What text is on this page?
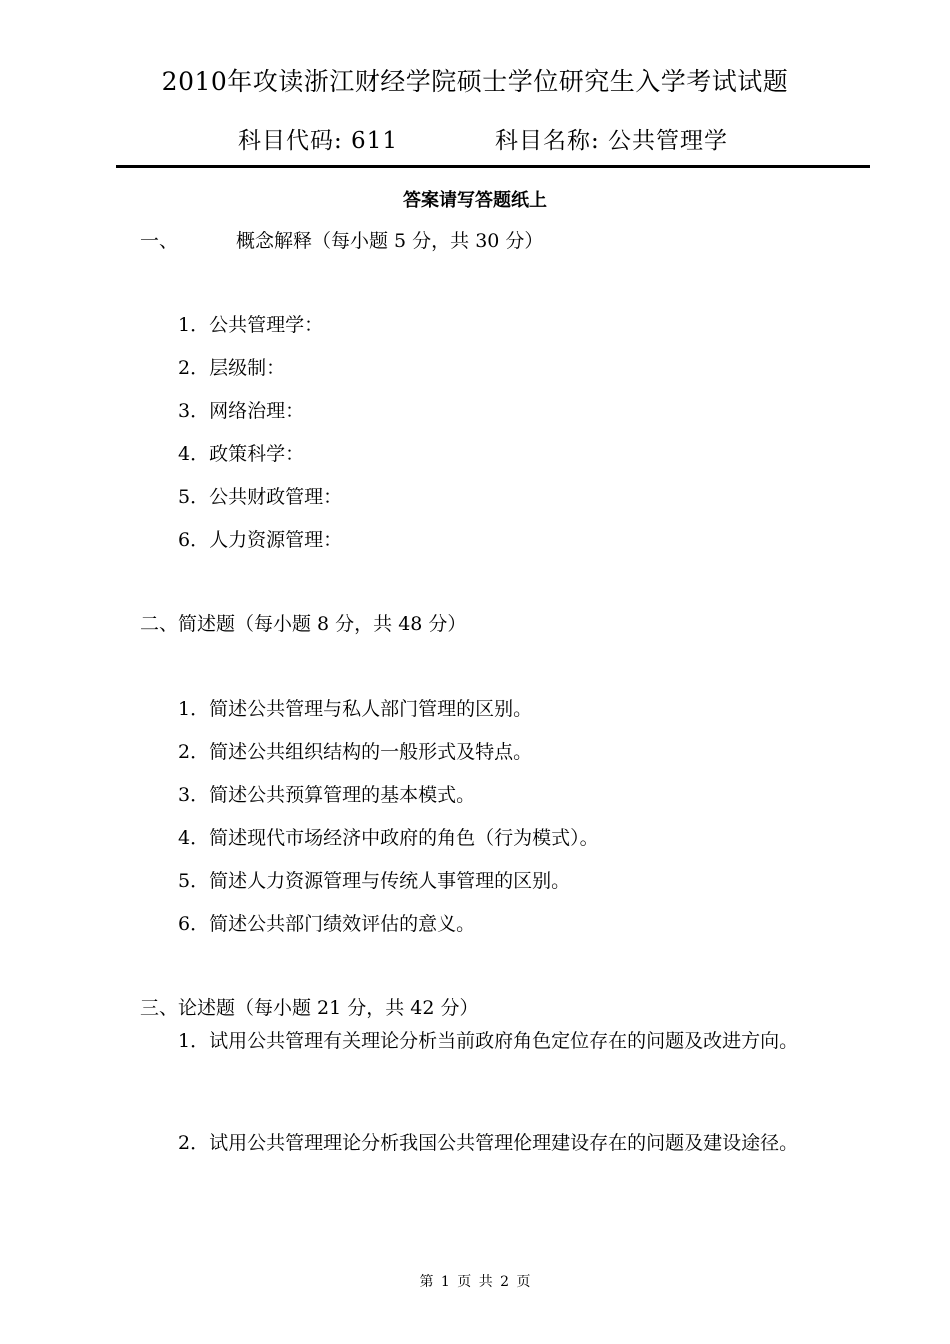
2010年攻读浙江财经学院硕士学位研究生入学考试试题
科目代码: 611	科目名称: 公共管理学
答案请写答题纸上
一、	概念解释（每小题 5 分，共 30 分）
1．公共管理学：
2．层级制：
3．网络治理：
4．政策科学：
5．公共财政管理：
6．人力资源管理：
二、简述题（每小题 8 分，共 48 分）
1．简述公共管理与私人部门管理的区别。
2．简述公共组织结构的一般形式及特点。
3．简述公共预算管理的基本模式。
4．简述现代市场经济中政府的角色（行为模式）。
5．简述人力资源管理与传统人事管理的区别。
6．简述公共部门绩效评估的意义。
三、论述题（每小题 21 分，共 42 分）
1．试用公共管理有关理论分析当前政府角色定位存在的问题及改进方向。
2．试用公共管理理论分析我国公共管理伦理建设存在的问题及建设途径。
第 1 页 共 2 页
